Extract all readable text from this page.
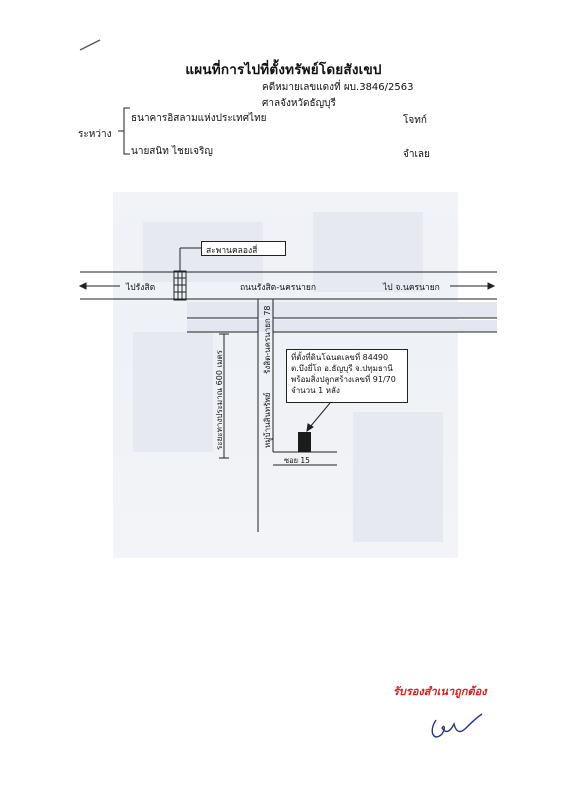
แผนที่การไปที่ตั้งทรัพย์โดยสังเขป
คดีหมายเลขแดงที่ ผบ.3846/2563
ศาลจังหวัดธัญบุรี
ระหว่าง
ธนาคารอิสลามแห่งประเทศไทย	โจทก์
นายสนิท ไชยเจริญ	จำเลย
สะพานคลองสี่
ไปรังสิต	ถนนรังสิต-นครนายก	ไป จ.นครนายก
รังสิต-นครนายก 78
หมู่บ้านสินทรัพย์
ระยะทางประมาณ 600 เมตร
ซอย 15
ที่ตั้งที่ดินโฉนดเลขที่ 84490
ต.บึงยี่โถ อ.ธัญบุรี จ.ปทุมธานี
พร้อมสิ่งปลูกสร้างเลขที่ 91/70
จำนวน 1 หลัง
รับรองสำเนาถูกต้อง
